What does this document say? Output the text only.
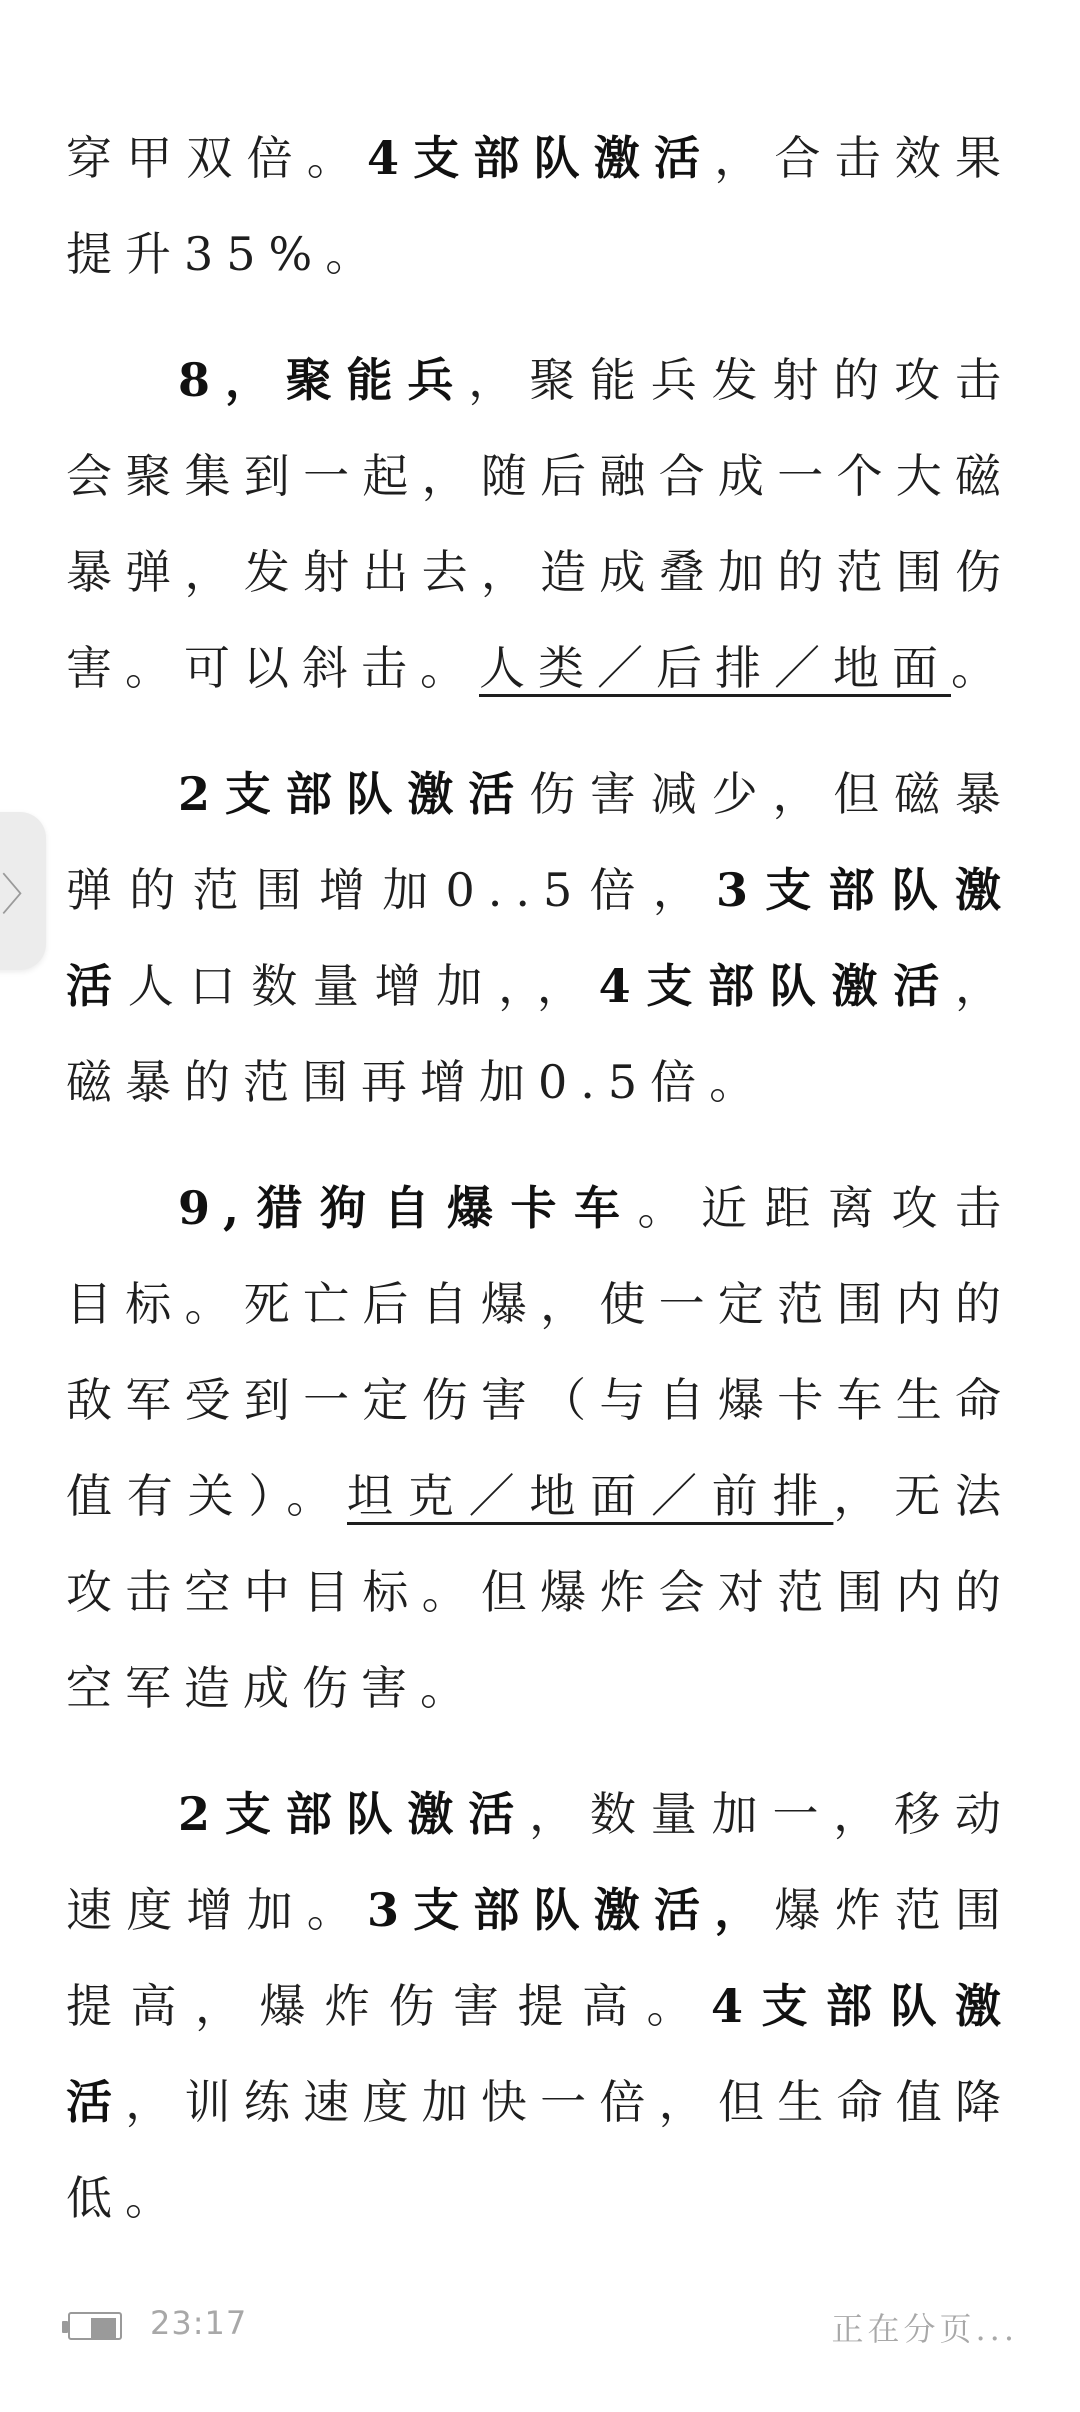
穿甲双倍。4支部队激活，合击效果提升35%。

8，聚能兵，聚能兵发射的攻击会聚集到一起，随后融合成一个大磁暴弹，发射出去，造成叠加的范围伤害。可以斜击。人类／后排／地面。

2支部队激活伤害减少，但磁暴弹的范围增加0..5倍，3支部队激活人口数量增加，，4支部队激活，磁暴的范围再增加0.5倍。

9,猎狗自爆卡车。近距离攻击目标。死亡后自爆，使一定范围内的敌军受到一定伤害（与自爆卡车生命值有关）。坦克／地面／前排，无法攻击空中目标。但爆炸会对范围内的空军造成伤害。

2支部队激活，数量加一，移动速度增加。3支部队激活，爆炸范围提高，爆炸伤害提高。4支部队激活，训练速度加快一倍，但生命值降低。

〉
23:17	正在分页...
